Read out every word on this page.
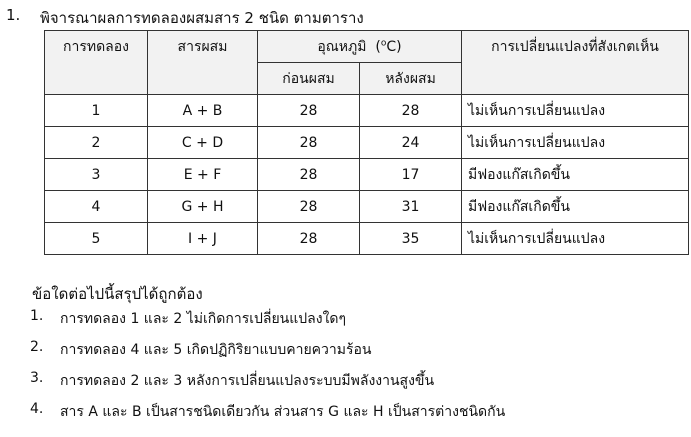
1. พิจารณาผลการทดลองผสมสาร 2 ชนิด ตามตาราง
การทดลอง	สารผสม	อุณหภูมิ ($^o$C)		การเปลี่ยนแปลงที่สังเกตเห็น
		ก่อนผสม	หลังผสม	
1	A + B	28	28	ไม่เห็นการเปลี่ยนแปลง
2	C + D	28	24	ไม่เห็นการเปลี่ยนแปลง
3	E + F	28	17	มีฟองแก๊สเกิดขึ้น
4	G + H	28	31	มีฟองแก๊สเกิดขึ้น
5	I + J	28	35	ไม่เห็นการเปลี่ยนแปลง
ข้อใดต่อไปนี้สรุปได้ถูกต้อง
1.	การทดลอง 1 และ 2 ไม่เกิดการเปลี่ยนแปลงใดๆ
2.	การทดลอง 4 และ 5 เกิดปฏิกิริยาแบบคายความร้อน
3.	การทดลอง 2 และ 3 หลังการเปลี่ยนแปลงระบบมีพลังงานสูงขึ้น
4.	สาร A และ B เป็นสารชนิดเดียวกัน ส่วนสาร G และ H เป็นสารต่างชนิดกัน
